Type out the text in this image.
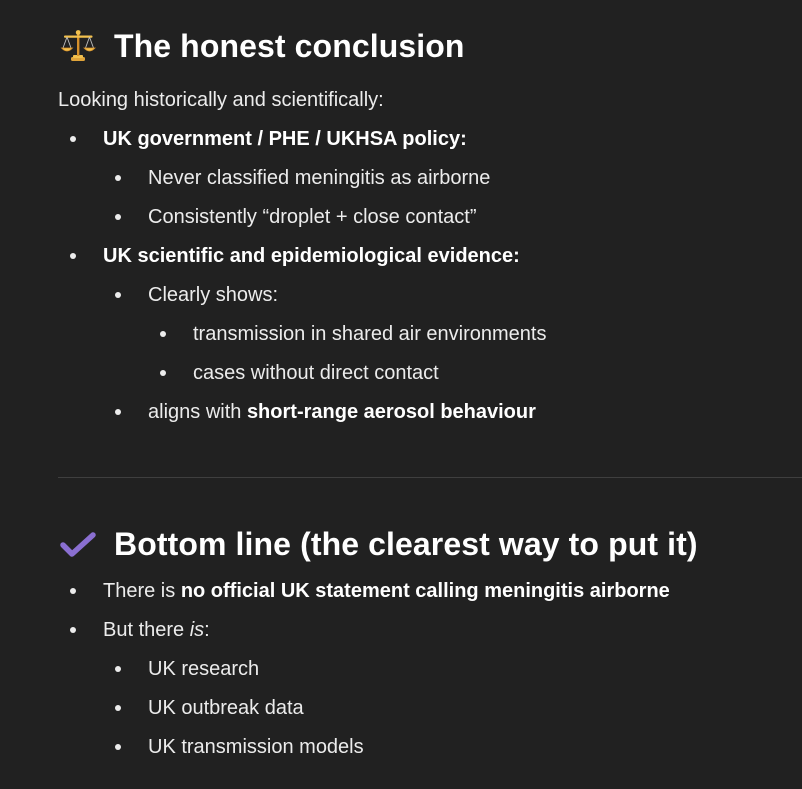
The honest conclusion

Looking historically and scientifically:

UK government / PHE / UKHSA policy:
Never classified meningitis as airborne
Consistently “droplet + close contact”
UK scientific and epidemiological evidence:
Clearly shows:
transmission in shared air environments
cases without direct contact
aligns with short-range aerosol behaviour
Bottom line (the clearest way to put it)
There is no official UK statement calling meningitis airborne
But there is:
UK research
UK outbreak data
UK transmission models
